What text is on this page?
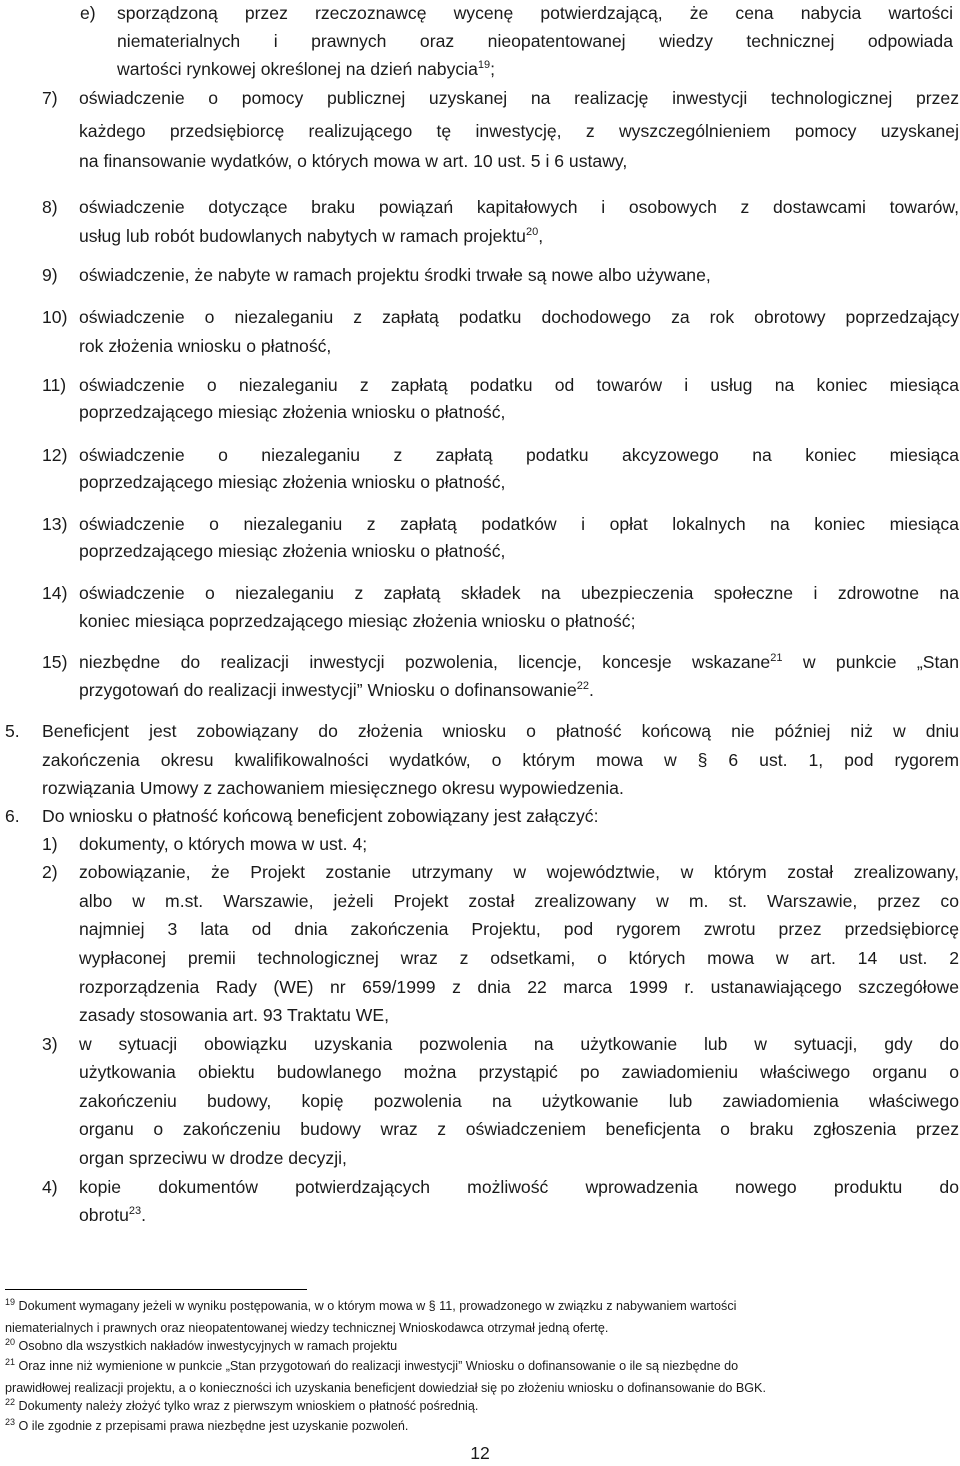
e) sporządzoną przez rzeczoznawcę wycenę potwierdzającą, że cena nabycia wartości
niematerialnych i prawnych oraz nieopatentowanej wiedzy technicznej odpowiada
wartości rynkowej określonej na dzień nabycia$^{19}$;
7) oświadczenie o pomocy publicznej uzyskanej na realizację inwestycji technologicznej przez
każdego przedsiębiorcę realizującego tę inwestycję, z wyszczególnieniem pomocy uzyskanej
na finansowanie wydatków, o których mowa w art. 10 ust. 5 i 6 ustawy,
8) oświadczenie dotyczące braku powiązań kapitałowych i osobowych z dostawcami towarów,
usług lub robót budowlanych nabytych w ramach projektu$^{20}$,
9) oświadczenie, że nabyte w ramach projektu środki trwałe są nowe albo używane,
10) oświadczenie o niezaleganiu z zapłatą podatku dochodowego za rok obrotowy poprzedzający
rok złożenia wniosku o płatność,
11) oświadczenie o niezaleganiu z zapłatą podatku od towarów i usług na koniec miesiąca
poprzedzającego miesiąc złożenia wniosku o płatność,
12) oświadczenie o niezaleganiu z zapłatą podatku akcyzowego na koniec miesiąca
poprzedzającego miesiąc złożenia wniosku o płatność,
13) oświadczenie o niezaleganiu z zapłatą podatków i opłat lokalnych na koniec miesiąca
poprzedzającego miesiąc złożenia wniosku o płatność,
14) oświadczenie o niezaleganiu z zapłatą składek na ubezpieczenia społeczne i zdrowotne na
koniec miesiąca poprzedzającego miesiąc złożenia wniosku o płatność;
15) niezbędne do realizacji inwestycji pozwolenia, licencje, koncesje wskazane$^{21}$ w punkcie „Stan
przygotowań do realizacji inwestycji” Wniosku o dofinansowanie$^{22}$.
5. Beneficjent jest zobowiązany do złożenia wniosku o płatność końcową nie później niż w dniu
zakończenia okresu kwalifikowalności wydatków, o którym mowa w § 6 ust. 1, pod rygorem
rozwiązania Umowy z zachowaniem miesięcznego okresu wypowiedzenia.
6. Do wniosku o płatność końcową beneficjent zobowiązany jest załączyć:
1) dokumenty, o których mowa w ust. 4;
2) zobowiązanie, że Projekt zostanie utrzymany w województwie, w którym został zrealizowany,
albo w m.st. Warszawie, jeżeli Projekt został zrealizowany w m. st. Warszawie, przez co
najmniej 3 lata od dnia zakończenia Projektu, pod rygorem zwrotu przez przedsiębiorcę
wypłaconej premii technologicznej wraz z odsetkami, o których mowa w art. 14 ust. 2
rozporządzenia Rady (WE) nr 659/1999 z dnia 22 marca 1999 r. ustanawiającego szczegółowe
zasady stosowania art. 93 Traktatu WE,
3) w sytuacji obowiązku uzyskania pozwolenia na użytkowanie lub w sytuacji, gdy do
użytkowania obiektu budowlanego można przystąpić po zawiadomieniu właściwego organu o
zakończeniu budowy, kopię pozwolenia na użytkowanie lub zawiadomienia właściwego
organu o zakończeniu budowy wraz z oświadczeniem beneficjenta o braku zgłoszenia przez
organ sprzeciwu w drodze decyzji,
4) kopie dokumentów potwierdzających możliwość wprowadzenia nowego produktu do
obrotu$^{23}$.
$^{19}$ Dokument wymagany jeżeli w wyniku postępowania, w o którym mowa w § 11, prowadzonego w związku z nabywaniem wartości
niematerialnych i prawnych oraz nieopatentowanej wiedzy technicznej Wnioskodawca otrzymał jedną ofertę.
$^{20}$ Osobno dla wszystkich nakładów inwestycyjnych w ramach projektu
$^{21}$ Oraz inne niż wymienione w punkcie „Stan przygotowań do realizacji inwestycji” Wniosku o dofinansowanie o ile są niezbędne do
prawidłowej realizacji projektu, a o konieczności ich uzyskania beneficjent dowiedział się po złożeniu wniosku o dofinansowanie do BGK.
$^{22}$ Dokumenty należy złożyć tylko wraz z pierwszym wnioskiem o płatność pośrednią.
$^{23}$ O ile zgodnie z przepisami prawa niezbędne jest uzyskanie pozwoleń.
12
